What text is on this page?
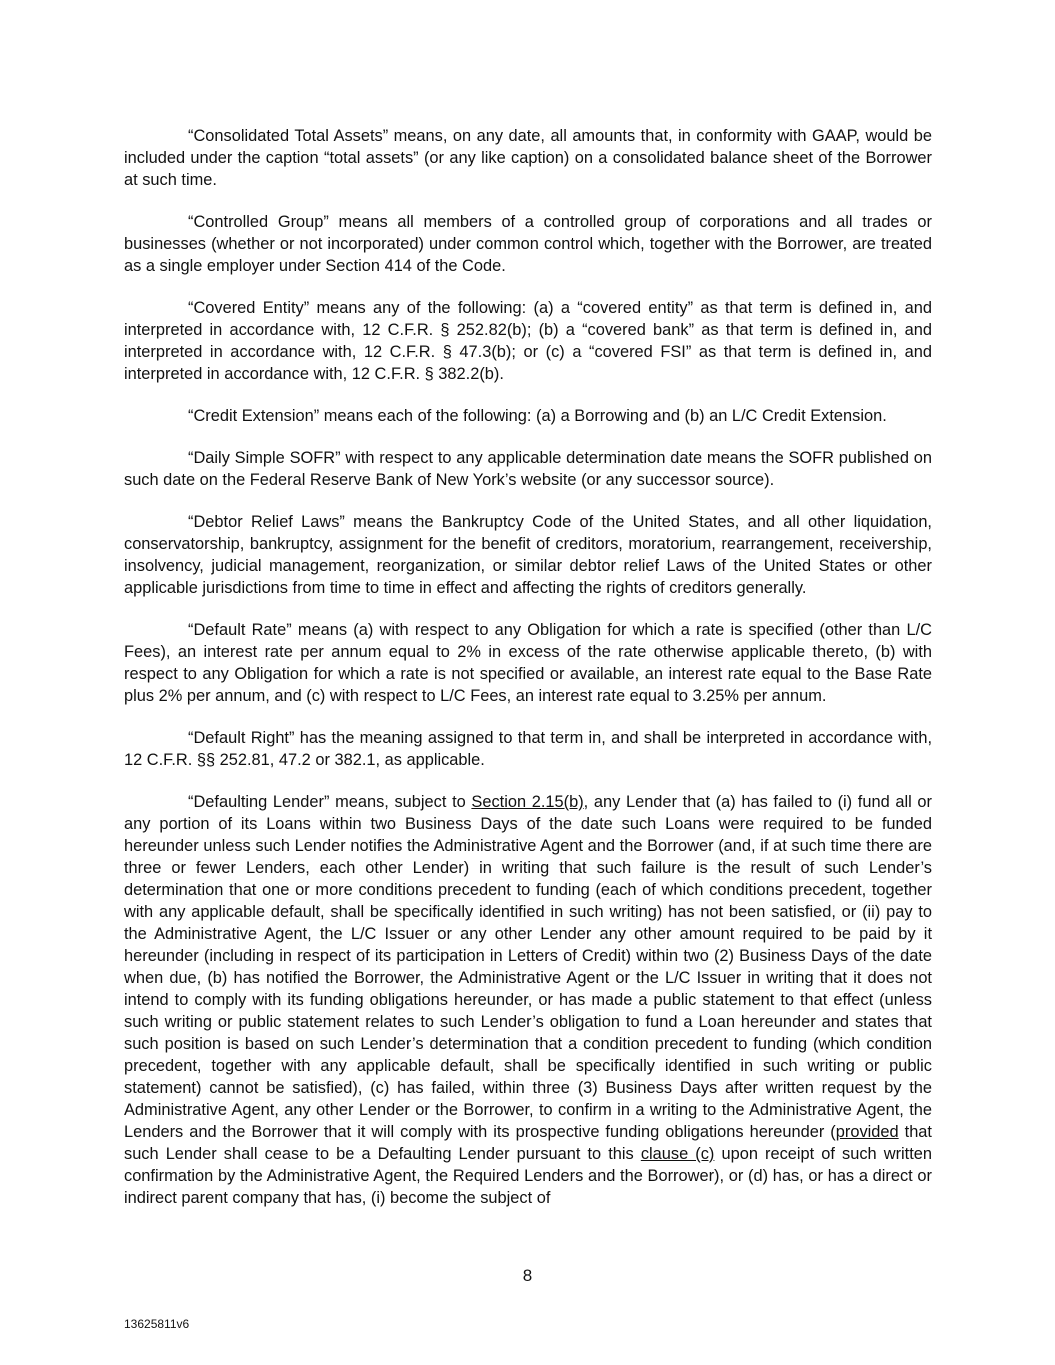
“Consolidated Total Assets” means, on any date, all amounts that, in conformity with GAAP, would be included under the caption “total assets” (or any like caption) on a consolidated balance sheet of the Borrower at such time.

“Controlled Group” means all members of a controlled group of corporations and all trades or businesses (whether or not incorporated) under common control which, together with the Borrower, are treated as a single employer under Section 414 of the Code.

“Covered Entity” means any of the following: (a) a “covered entity” as that term is defined in, and interpreted in accordance with, 12 C.F.R. § 252.82(b); (b) a “covered bank” as that term is defined in, and interpreted in accordance with, 12 C.F.R. § 47.3(b); or (c) a “covered FSI” as that term is defined in, and interpreted in accordance with, 12 C.F.R. § 382.2(b).

“Credit Extension” means each of the following: (a) a Borrowing and (b) an L/C Credit Extension.

“Daily Simple SOFR” with respect to any applicable determination date means the SOFR published on such date on the Federal Reserve Bank of New York’s website (or any successor source).

“Debtor Relief Laws” means the Bankruptcy Code of the United States, and all other liquidation, conservatorship, bankruptcy, assignment for the benefit of creditors, moratorium, rearrangement, receivership, insolvency, judicial management, reorganization, or similar debtor relief Laws of the United States or other applicable jurisdictions from time to time in effect and affecting the rights of creditors generally.

“Default Rate” means (a) with respect to any Obligation for which a rate is specified (other than L/C Fees), an interest rate per annum equal to 2% in excess of the rate otherwise applicable thereto, (b) with respect to any Obligation for which a rate is not specified or available, an interest rate equal to the Base Rate plus 2% per annum, and (c) with respect to L/C Fees, an interest rate equal to 3.25% per annum.

“Default Right” has the meaning assigned to that term in, and shall be interpreted in accordance with, 12 C.F.R. §§ 252.81, 47.2 or 382.1, as applicable.

“Defaulting Lender” means, subject to Section 2.15(b), any Lender that (a) has failed to (i) fund all or any portion of its Loans within two Business Days of the date such Loans were required to be funded hereunder unless such Lender notifies the Administrative Agent and the Borrower (and, if at such time there are three or fewer Lenders, each other Lender) in writing that such failure is the result of such Lender’s determination that one or more conditions precedent to funding (each of which conditions precedent, together with any applicable default, shall be specifically identified in such writing) has not been satisfied, or (ii) pay to the Administrative Agent, the L/C Issuer or any other Lender any other amount required to be paid by it hereunder (including in respect of its participation in Letters of Credit) within two (2) Business Days of the date when due, (b) has notified the Borrower, the Administrative Agent or the L/C Issuer in writing that it does not intend to comply with its funding obligations hereunder, or has made a public statement to that effect (unless such writing or public statement relates to such Lender’s obligation to fund a Loan hereunder and states that such position is based on such Lender’s determination that a condition precedent to funding (which condition precedent, together with any applicable default, shall be specifically identified in such writing or public statement) cannot be satisfied), (c) has failed, within three (3) Business Days after written request by the Administrative Agent, any other Lender or the Borrower, to confirm in a writing to the Administrative Agent, the Lenders and the Borrower that it will comply with its prospective funding obligations hereunder (provided that such Lender shall cease to be a Defaulting Lender pursuant to this clause (c) upon receipt of such written confirmation by the Administrative Agent, the Required Lenders and the Borrower), or (d) has, or has a direct or indirect parent company that has, (i) become the subject of

8
13625811v6
